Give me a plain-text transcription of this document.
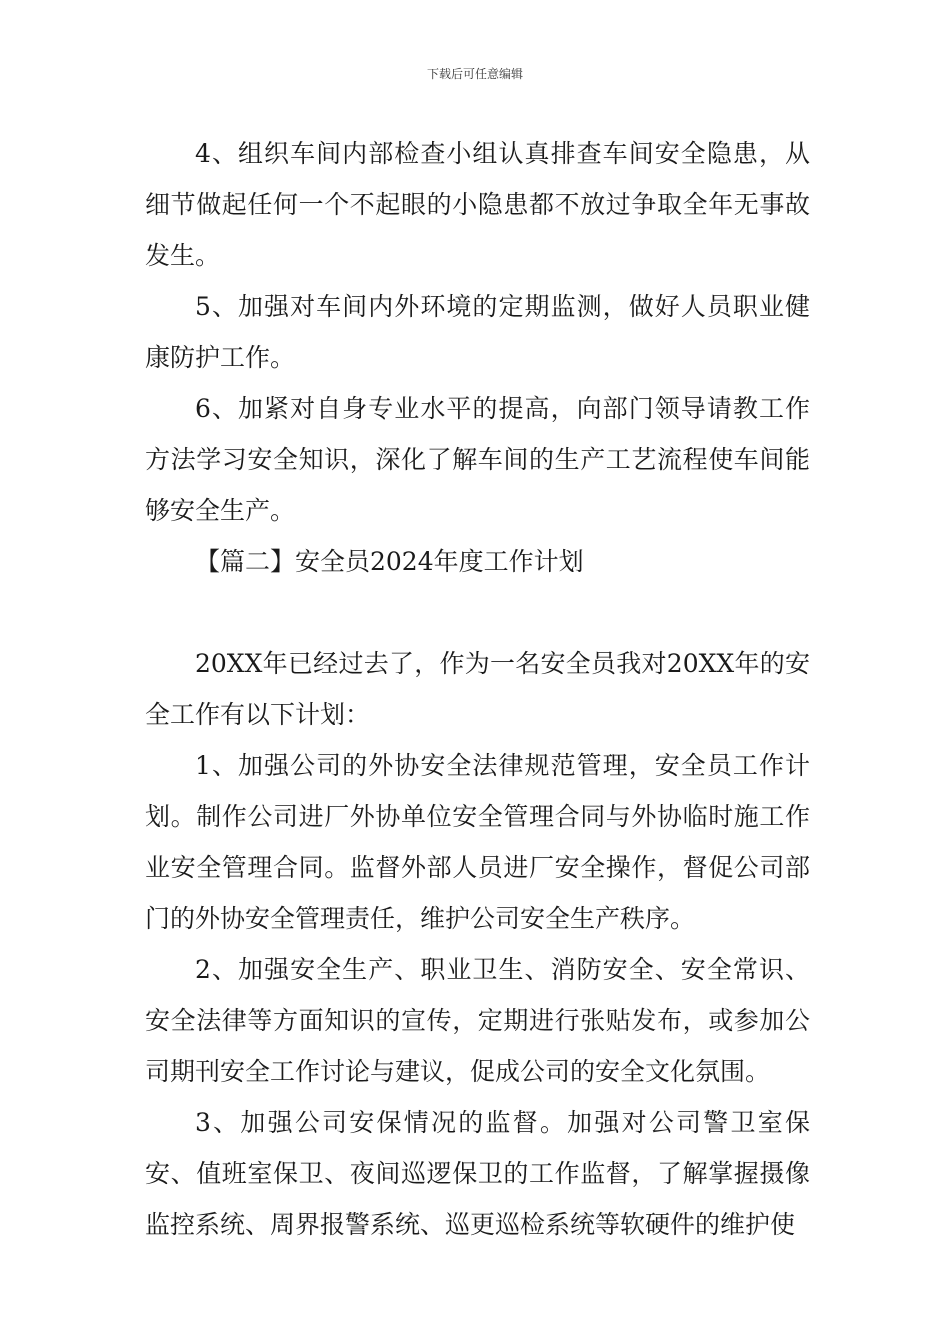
下载后可任意编辑

4、组织车间内部检查小组认真排查车间安全隐患，从细节做起任何一个不起眼的小隐患都不放过争取全年无事故发生。

5、加强对车间内外环境的定期监测，做好人员职业健康防护工作。

6、加紧对自身专业水平的提高，向部门领导请教工作方法学习安全知识，深化了解车间的生产工艺流程使车间能够安全生产。

【篇二】安全员2024年度工作计划

20XX年已经过去了，作为一名安全员我对20XX年的安全工作有以下计划：

1、加强公司的外协安全法律规范管理，安全员工作计划。制作公司进厂外协单位安全管理合同与外协临时施工作业安全管理合同。监督外部人员进厂安全操作，督促公司部门的外协安全管理责任，维护公司安全生产秩序。

2、加强安全生产、职业卫生、消防安全、安全常识、安全法律等方面知识的宣传，定期进行张贴发布，或参加公司期刊安全工作讨论与建议，促成公司的安全文化氛围。

3、加强公司安保情况的监督。加强对公司警卫室保安、值班室保卫、夜间巡逻保卫的工作监督，了解掌握摄像监控系统、周界报警系统、巡更巡检系统等软硬件的维护使
